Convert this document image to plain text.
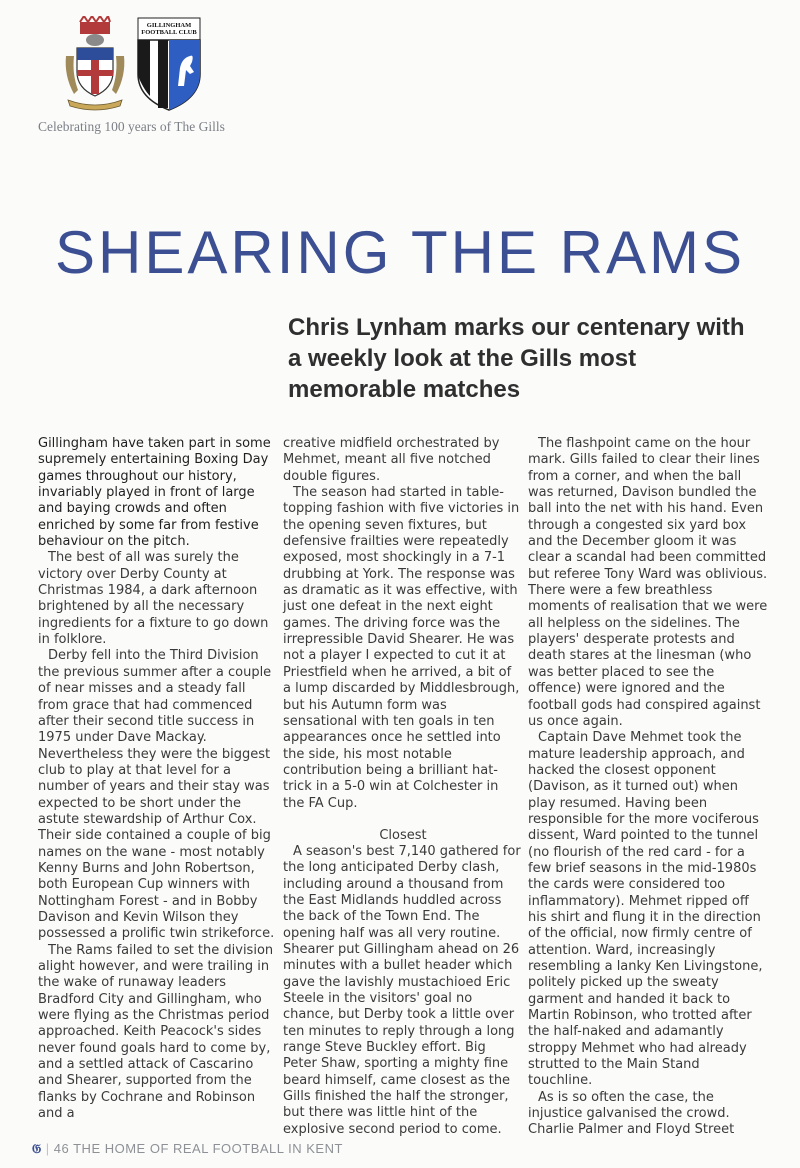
GILLINGHAM FOOTBALL CLUB
Celebrating 100 years of The Gills
SHEARING THE RAMS

Chris Lynham marks our centenary with a weekly look at the Gills most memorable matches

Gillingham have taken part in some supremely entertaining Boxing Day games throughout our history, invariably played in front of large and baying crowds and often enriched by some far from festive behaviour on the pitch.

The best of all was surely the victory over Derby County at Christmas 1984, a dark afternoon brightened by all the necessary ingredients for a fixture to go down in folklore.

Derby fell into the Third Division the previous summer after a couple of near misses and a steady fall from grace that had commenced after their second title success in 1975 under Dave Mackay. Nevertheless they were the biggest club to play at that level for a number of years and their stay was expected to be short under the astute stewardship of Arthur Cox. Their side contained a couple of big names on the wane - most notably Kenny Burns and John Robertson, both European Cup winners with Nottingham Forest - and in Bobby Davison and Kevin Wilson they possessed a prolific twin strikeforce.

The Rams failed to set the division alight however, and were trailing in the wake of runaway leaders Bradford City and Gillingham, who were flying as the Christmas period approached. Keith Peacock's sides never found goals hard to come by, and a settled attack of Cascarino and Shearer, supported from the flanks by Cochrane and Robinson and a

creative midfield orchestrated by Mehmet, meant all five notched double figures.

The season had started in table-topping fashion with five victories in the opening seven fixtures, but defensive frailties were repeatedly exposed, most shockingly in a 7-1 drubbing at York. The response was as dramatic as it was effective, with just one defeat in the next eight games. The driving force was the irrepressible David Shearer. He was not a player I expected to cut it at Priestfield when he arrived, a bit of a lump discarded by Middlesbrough, but his Autumn form was sensational with ten goals in ten appearances once he settled into the side, his most notable contribution being a brilliant hat-trick in a 5-0 win at Colchester in the FA Cup.

Closest

A season's best 7,140 gathered for the long anticipated Derby clash, including around a thousand from the East Midlands huddled across the back of the Town End. The opening half was all very routine. Shearer put Gillingham ahead on 26 minutes with a bullet header which gave the lavishly mustachioed Eric Steele in the visitors' goal no chance, but Derby took a little over ten minutes to reply through a long range Steve Buckley effort. Big Peter Shaw, sporting a mighty fine beard himself, came closest as the Gills finished the half the stronger, but there was little hint of the explosive second period to come.

The flashpoint came on the hour mark. Gills failed to clear their lines from a corner, and when the ball was returned, Davison bundled the ball into the net with his hand. Even through a congested six yard box and the December gloom it was clear a scandal had been committed but referee Tony Ward was oblivious. There were a few breathless moments of realisation that we were all helpless on the sidelines. The players' desperate protests and death stares at the linesman (who was better placed to see the offence) were ignored and the football gods had conspired against us once again.

Captain Dave Mehmet took the mature leadership approach, and hacked the closest opponent (Davison, as it turned out) when play resumed. Having been responsible for the more vociferous dissent, Ward pointed to the tunnel (no flourish of the red card - for a few brief seasons in the mid-1980s the cards were considered too inflammatory). Mehmet ripped off his shirt and flung it in the direction of the official, now firmly centre of attention. Ward, increasingly resembling a lanky Ken Livingstone, politely picked up the sweaty garment and handed it back to Martin Robinson, who trotted after the half-naked and adamantly stroppy Mehmet who had already strutted to the Main Stand touchline.

As is so often the case, the injustice galvanised the crowd. Charlie Palmer and Floyd Street

𝔊 | 46 THE HOME OF REAL FOOTBALL IN KENT
